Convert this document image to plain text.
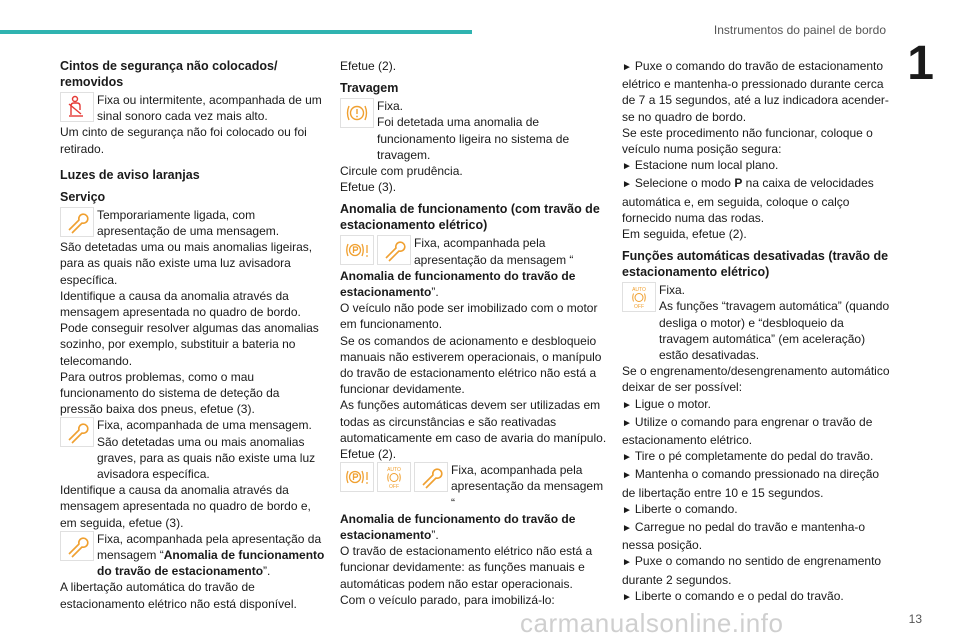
Instrumentos do painel de bordo
1
13
carmanualsonline.info
Cintos de segurança não colocados/ removidos

Fixa ou intermitente, acompanhada de um sinal sonoro cada vez mais alto.

Um cinto de segurança não foi colocado ou foi retirado.

Luzes de aviso laranjas
Serviço

Temporariamente ligada, com apresentação de uma mensagem.

São detetadas uma ou mais anomalias ligeiras, para as quais não existe uma luz avisadora específica.

Identifique a causa da anomalia através da mensagem apresentada no quadro de bordo.

Pode conseguir resolver algumas das anomalias sozinho, por exemplo, substituir a bateria no telecomando.

Para outros problemas, como o mau funcionamento do sistema de deteção da pressão baixa dos pneus, efetue (3).

Fixa, acompanhada de uma mensagem. São detetadas uma ou mais anomalias graves, para as quais não existe uma luz avisadora específica.

Identifique a causa da anomalia através da mensagem apresentada no quadro de bordo e, em seguida, efetue (3).

Fixa, acompanhada pela apresentação da mensagem “Anomalia de funcionamento do travão de estacionamento”.

A libertação automática do travão de estacionamento elétrico não está disponível.

Efetue (2).

Travagem

Fixa.
Foi detetada uma anomalia de funcionamento ligeira no sistema de travagem.

Circule com prudência.

Efetue (3).

Anomalia de funcionamento (com travão de estacionamento elétrico)

Fixa, acompanhada pela apresentação da mensagem “

Anomalia de funcionamento do travão de estacionamento”.

O veículo não pode ser imobilizado com o motor em funcionamento.

Se os comandos de acionamento e desbloqueio manuais não estiverem operacionais, o manípulo do travão de estacionamento elétrico não está a funcionar devidamente.

As funções automáticas devem ser utilizadas em todas as circunstâncias e são reativadas automaticamente em caso de avaria do manípulo.

Efetue (2).

AUTO
OFF

Fixa, acompanhada pela apresentação da mensagem “

Anomalia de funcionamento do travão de estacionamento”.

O travão de estacionamento elétrico não está a funcionar devidamente: as funções manuais e automáticas podem não estar operacionais.

Com o veículo parado, para imobilizá-lo:

► Puxe o comando do travão de estacionamento elétrico e mantenha-o pressionado durante cerca de 7 a 15 segundos, até a luz indicadora acender-se no quadro de bordo.

Se este procedimento não funcionar, coloque o veículo numa posição segura:

► Estacione num local plano.

► Selecione o modo P na caixa de velocidades automática e, em seguida, coloque o calço fornecido numa das rodas.

Em seguida, efetue (2).

Funções automáticas desativadas (travão de estacionamento elétrico)
AUTO
OFF

Fixa.
As funções “travagem automática” (quando desliga o motor) e “desbloqueio da travagem automática” (em aceleração) estão desativadas.

Se o engrenamento/desengrenamento automático deixar de ser possível:

► Ligue o motor.

► Utilize o comando para engrenar o travão de estacionamento elétrico.

► Tire o pé completamente do pedal do travão.

► Mantenha o comando pressionado na direção de libertação entre 10 e 15 segundos.

► Liberte o comando.

► Carregue no pedal do travão e mantenha-o nessa posição.

► Puxe o comando no sentido de engrenamento durante 2 segundos.

► Liberte o comando e o pedal do travão.
